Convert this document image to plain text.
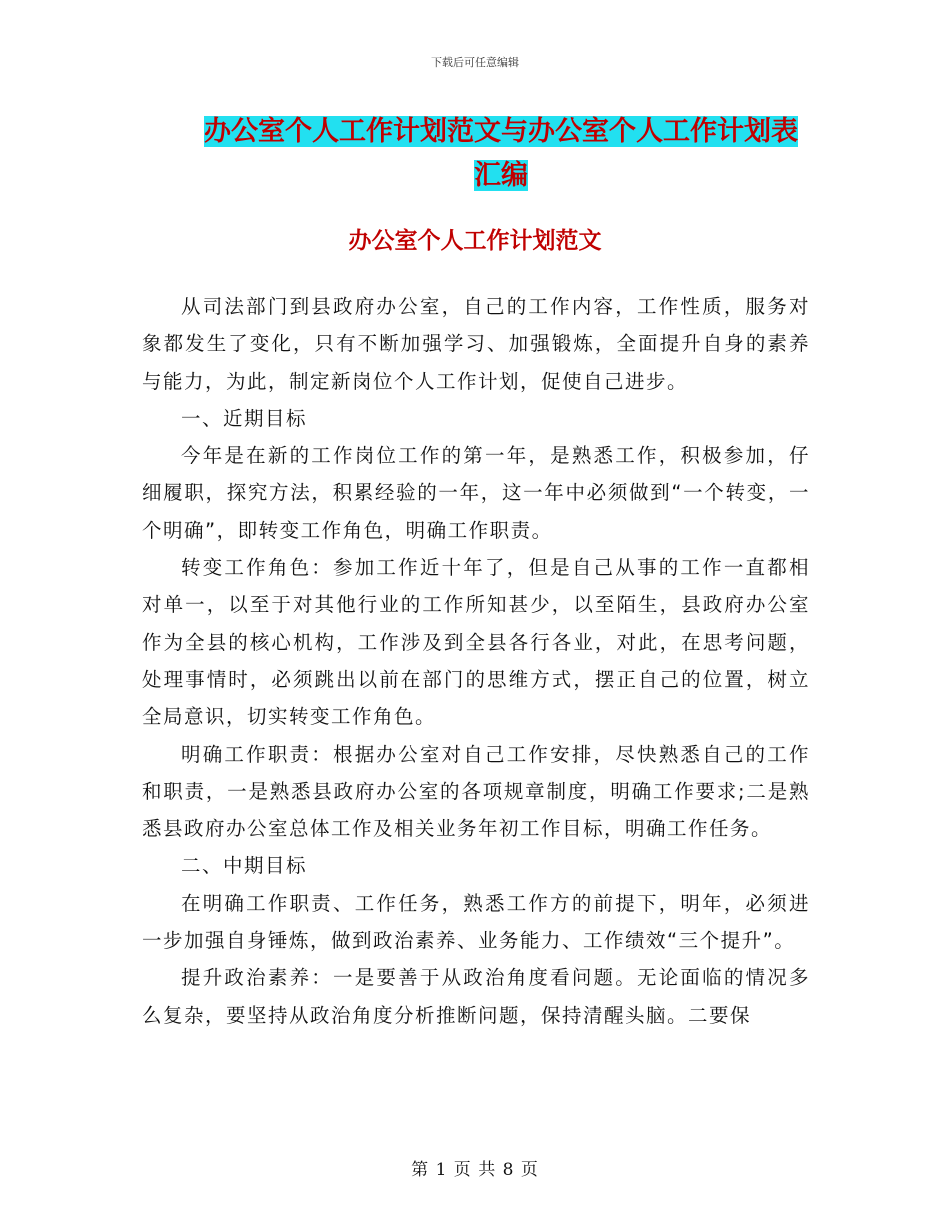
下载后可任意编辑
办公室个人工作计划范文与办公室个人工作计划表汇编
办公室个人工作计划范文

从司法部门到县政府办公室，自己的工作内容，工作性质，服务对象都发生了变化，只有不断加强学习、加强锻炼，全面提升自身的素养与能力，为此，制定新岗位个人工作计划，促使自己进步。

一、近期目标

今年是在新的工作岗位工作的第一年，是熟悉工作，积极参加，仔细履职，探究方法，积累经验的一年，这一年中必须做到“一个转变，一个明确”，即转变工作角色，明确工作职责。

转变工作角色：参加工作近十年了，但是自己从事的工作一直都相对单一，以至于对其他行业的工作所知甚少，以至陌生，县政府办公室作为全县的核心机构，工作涉及到全县各行各业，对此，在思考问题，处理事情时，必须跳出以前在部门的思维方式，摆正自己的位置，树立全局意识，切实转变工作角色。

明确工作职责：根据办公室对自己工作安排，尽快熟悉自己的工作和职责，一是熟悉县政府办公室的各项规章制度，明确工作要求;二是熟悉县政府办公室总体工作及相关业务年初工作目标，明确工作任务。

二、中期目标

在明确工作职责、工作任务，熟悉工作方的前提下，明年，必须进一步加强自身锤炼，做到政治素养、业务能力、工作绩效“三个提升”。

提升政治素养：一是要善于从政治角度看问题。无论面临的情况多么复杂，要坚持从政治角度分析推断问题，保持清醒头脑。二要保

第 1 页 共 8 页
